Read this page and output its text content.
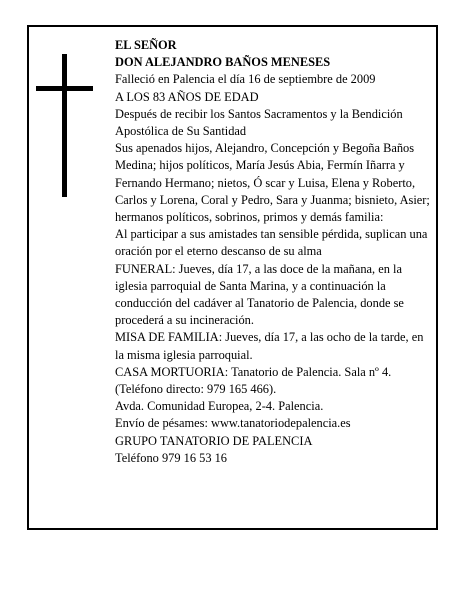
EL SEÑOR
DON ALEJANDRO BAÑOS MENESES
Falleció en Palencia el día 16 de septiembre de 2009
A LOS 83 AÑOS DE EDAD
Después de recibir los Santos Sacramentos y la Bendición Apostólica de Su Santidad
Sus apenados hijos, Alejandro, Concepción y Begoña Baños Medina; hijos políticos, María Jesús Abia, Fermín Iñarra y Fernando Hermano; nietos, Ó scar y Luisa, Elena y Roberto, Carlos y Lorena, Coral y Pedro, Sara y Juanma; bisnieto, Asier; hermanos políticos, sobrinos, primos y demás familia:
Al participar a sus amistades tan sensible pérdida, suplican una oración por el eterno descanso de su alma
FUNERAL: Jueves, día 17, a las doce de la mañana, en la iglesia parroquial de Santa Marina, y a continuación la conducción del cadáver al Tanatorio de Palencia, donde se procederá a su incineración.
MISA DE FAMILIA: Jueves, día 17, a las ocho de la tarde, en la misma iglesia parroquial.
CASA MORTUORIA: Tanatorio de Palencia. Sala nº 4. (Teléfono directo: 979 165 466).
Avda. Comunidad Europea, 2-4. Palencia.
Envío de pésames: www.tanatoriodepalencia.es
GRUPO TANATORIO DE PALENCIA
Teléfono 979 16 53 16
